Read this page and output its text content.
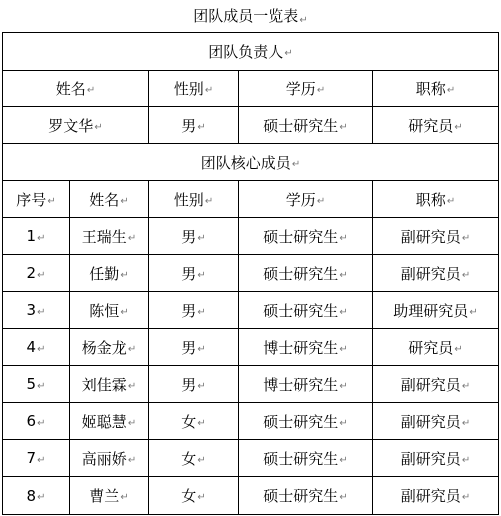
团队成员一览表↵
团队负责人 ↵
姓名 ↵	性别 ↵	学历 ↵	职称 ↵
罗文华 ↵	男 ↵	硕士研究生 ↵	研究员 ↵
团队核心成员 ↵
序号 ↵ 姓名 ↵	性别 ↵	学历 ↵	职称 ↵
1 ↵ 王瑞生 ↵	男 ↵	硕士研究生 ↵	副研究员 ↵
2 ↵	任勤 ↵	男 ↵	硕士研究生 ↵	副研究员 ↵
3 ↵	陈恒 ↵	男 ↵	硕士研究生 ↵	助理研究员 ↵
4 ↵ 杨金龙 ↵	男 ↵	博士研究生 ↵	研究员 ↵
5 ↵ 刘佳霖 ↵	男 ↵	博士研究生 ↵	副研究员 ↵
6 ↵ 姬聪慧 ↵	女 ↵	硕士研究生 ↵	副研究员 ↵
7 ↵ 高丽娇 ↵	女 ↵	硕士研究生 ↵	副研究员 ↵
8 ↵	曹兰 ↵	女 ↵	硕士研究生 ↵	副研究员 ↵
